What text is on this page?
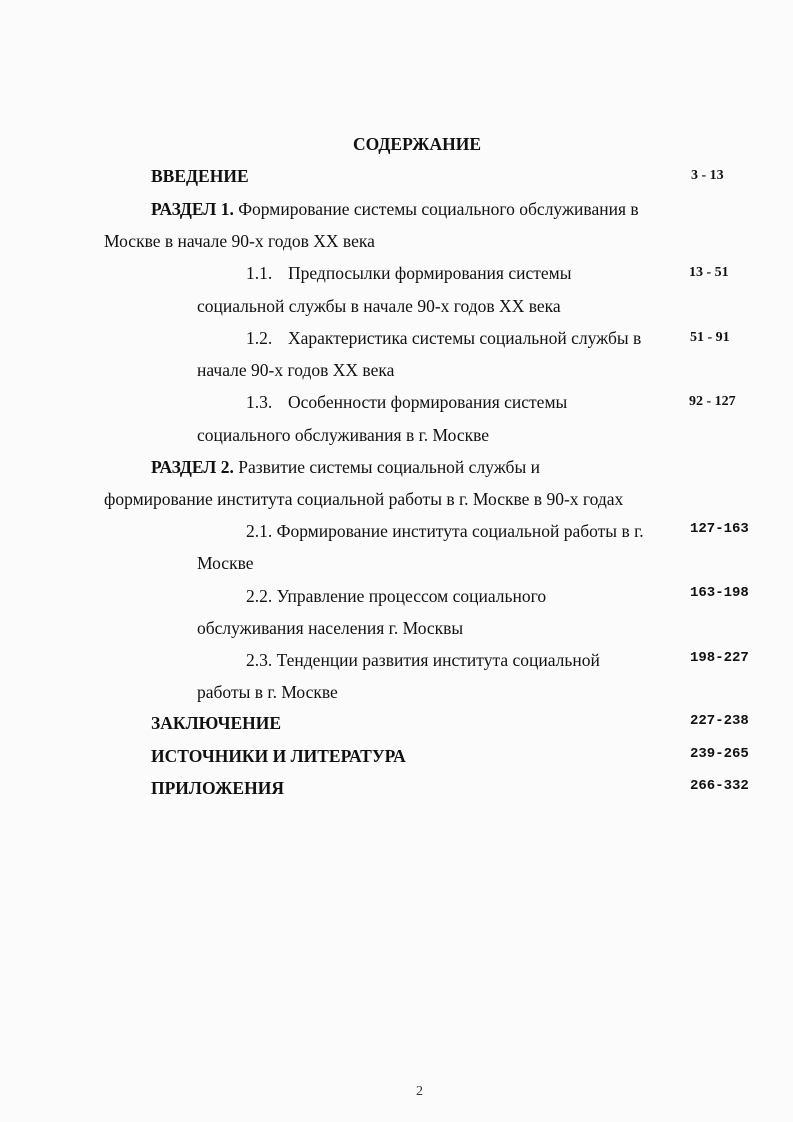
СОДЕРЖАНИЕ
ВВЕДЕНИЕ	3 - 13
РАЗДЕЛ 1. Формирование системы социального обслуживания в
Москве в начале 90-х годов XX века
1.1. Предпосылки формирования системы
социальной службы в начале 90-х годов XX века
13 - 51
1.2. Характеристика системы социальной службы в
начале 90-х годов XX века
51 - 91
1.3. Особенности формирования системы
социального обслуживания в г. Москве
92 - 127
РАЗДЕЛ 2. Развитие системы социальной службы и
формирование института социальной работы в г. Москве в 90-х годах
2.1. Формирование института социальной работы в г.
Москве
127-163
2.2. Управление процессом социального
обслуживания населения г. Москвы
163-198
2.3. Тенденции развития института социальной
работы в г. Москве
198-227
ЗАКЛЮЧЕНИЕ	227-238
ИСТОЧНИКИ И ЛИТЕРАТУРА	239-265
ПРИЛОЖЕНИЯ	266-332
2
